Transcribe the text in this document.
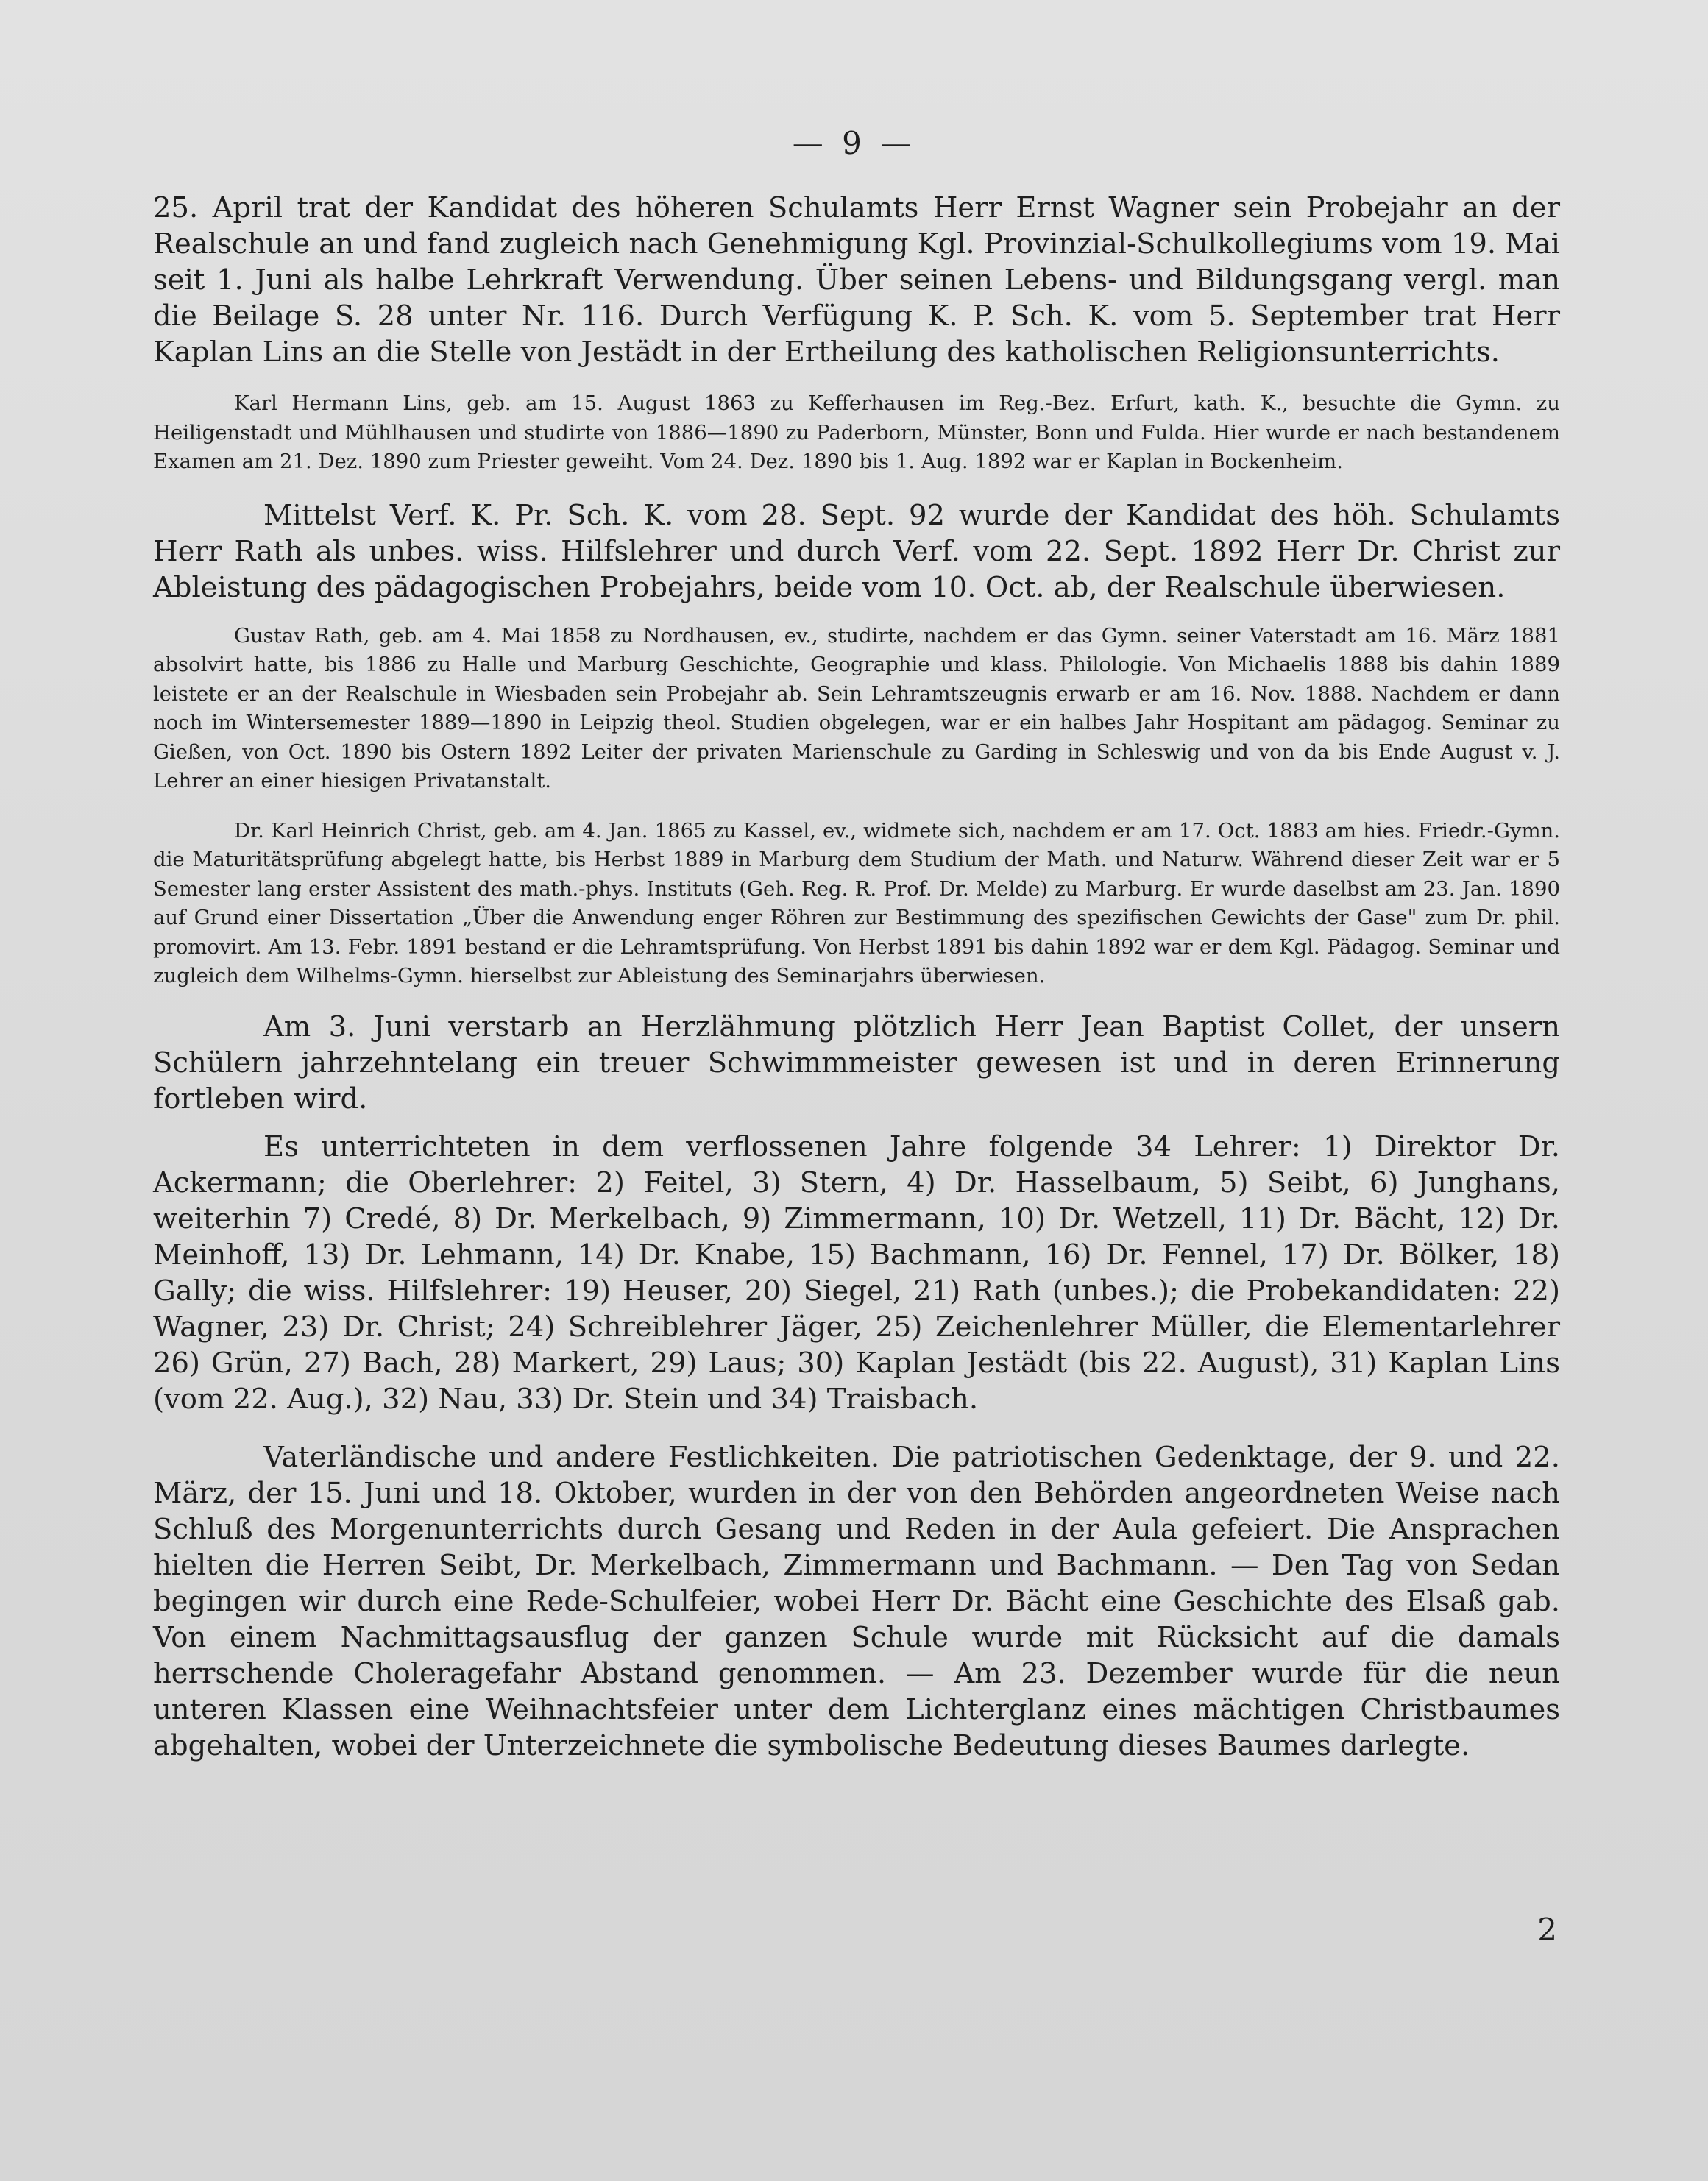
— 9 —

25. April trat der Kandidat des höheren Schulamts Herr Ernst Wagner sein Probejahr an der Realschule an und fand zugleich nach Genehmigung Kgl. Provinzial-Schulkollegiums vom 19. Mai seit 1. Juni als halbe Lehrkraft Verwendung. Über seinen Lebens- und Bildungsgang vergl. man die Beilage S. 28 unter Nr. 116. Durch Verfügung K. P. Sch. K. vom 5. September trat Herr Kaplan Lins an die Stelle von Jestädt in der Ertheilung des katholischen Religionsunterrichts.

Karl Hermann Lins, geb. am 15. August 1863 zu Kefferhausen im Reg.-Bez. Erfurt, kath. K., besuchte die Gymn. zu Heiligenstadt und Mühlhausen und studirte von 1886—1890 zu Paderborn, Münster, Bonn und Fulda. Hier wurde er nach bestandenem Examen am 21. Dez. 1890 zum Priester geweiht. Vom 24. Dez. 1890 bis 1. Aug. 1892 war er Kaplan in Bockenheim.

Mittelst Verf. K. Pr. Sch. K. vom 28. Sept. 92 wurde der Kandidat des höh. Schulamts Herr Rath als unbes. wiss. Hilfslehrer und durch Verf. vom 22. Sept. 1892 Herr Dr. Christ zur Ableistung des pädagogischen Probejahrs, beide vom 10. Oct. ab, der Realschule überwiesen.

Gustav Rath, geb. am 4. Mai 1858 zu Nordhausen, ev., studirte, nachdem er das Gymn. seiner Vaterstadt am 16. März 1881 absolvirt hatte, bis 1886 zu Halle und Marburg Geschichte, Geographie und klass. Philologie. Von Michaelis 1888 bis dahin 1889 leistete er an der Realschule in Wiesbaden sein Probejahr ab. Sein Lehramtszeugnis erwarb er am 16. Nov. 1888. Nachdem er dann noch im Wintersemester 1889—1890 in Leipzig theol. Studien obgelegen, war er ein halbes Jahr Hospitant am pädagog. Seminar zu Gießen, von Oct. 1890 bis Ostern 1892 Leiter der privaten Marienschule zu Garding in Schleswig und von da bis Ende August v. J. Lehrer an einer hiesigen Privatanstalt.

Dr. Karl Heinrich Christ, geb. am 4. Jan. 1865 zu Kassel, ev., widmete sich, nachdem er am 17. Oct. 1883 am hies. Friedr.-Gymn. die Maturitätsprüfung abgelegt hatte, bis Herbst 1889 in Marburg dem Studium der Math. und Naturw. Während dieser Zeit war er 5 Semester lang erster Assistent des math.-phys. Instituts (Geh. Reg. R. Prof. Dr. Melde) zu Marburg. Er wurde daselbst am 23. Jan. 1890 auf Grund einer Dissertation „Über die Anwendung enger Röhren zur Bestimmung des spezifischen Gewichts der Gase" zum Dr. phil. promovirt. Am 13. Febr. 1891 bestand er die Lehramtsprüfung. Von Herbst 1891 bis dahin 1892 war er dem Kgl. Pädagog. Seminar und zugleich dem Wilhelms-Gymn. hierselbst zur Ableistung des Seminarjahrs überwiesen.

Am 3. Juni verstarb an Herzlähmung plötzlich Herr Jean Baptist Collet, der unsern Schülern jahrzehntelang ein treuer Schwimmmeister gewesen ist und in deren Erinnerung fortleben wird.

Es unterrichteten in dem verflossenen Jahre folgende 34 Lehrer: 1) Direktor Dr. Ackermann; die Oberlehrer: 2) Feitel, 3) Stern, 4) Dr. Hasselbaum, 5) Seibt, 6) Junghans, weiterhin 7) Credé, 8) Dr. Merkelbach, 9) Zimmermann, 10) Dr. Wetzell, 11) Dr. Bächt, 12) Dr. Meinhoff, 13) Dr. Lehmann, 14) Dr. Knabe, 15) Bachmann, 16) Dr. Fennel, 17) Dr. Bölker, 18) Gally; die wiss. Hilfslehrer: 19) Heuser, 20) Siegel, 21) Rath (unbes.); die Probekandidaten: 22) Wagner, 23) Dr. Christ; 24) Schreiblehrer Jäger, 25) Zeichenlehrer Müller, die Elementarlehrer 26) Grün, 27) Bach, 28) Markert, 29) Laus; 30) Kaplan Jestädt (bis 22. August), 31) Kaplan Lins (vom 22. Aug.), 32) Nau, 33) Dr. Stein und 34) Traisbach.

Vaterländische und andere Festlichkeiten. Die patriotischen Gedenktage, der 9. und 22. März, der 15. Juni und 18. Oktober, wurden in der von den Behörden angeordneten Weise nach Schluß des Morgenunterrichts durch Gesang und Reden in der Aula gefeiert. Die Ansprachen hielten die Herren Seibt, Dr. Merkelbach, Zimmermann und Bachmann. — Den Tag von Sedan begingen wir durch eine Rede-Schulfeier, wobei Herr Dr. Bächt eine Geschichte des Elsaß gab. Von einem Nachmittagsausflug der ganzen Schule wurde mit Rücksicht auf die damals herrschende Choleragefahr Abstand genommen. — Am 23. Dezember wurde für die neun unteren Klassen eine Weihnachtsfeier unter dem Lichterglanz eines mächtigen Christbaumes abgehalten, wobei der Unterzeichnete die symbolische Bedeutung dieses Baumes darlegte.

2
